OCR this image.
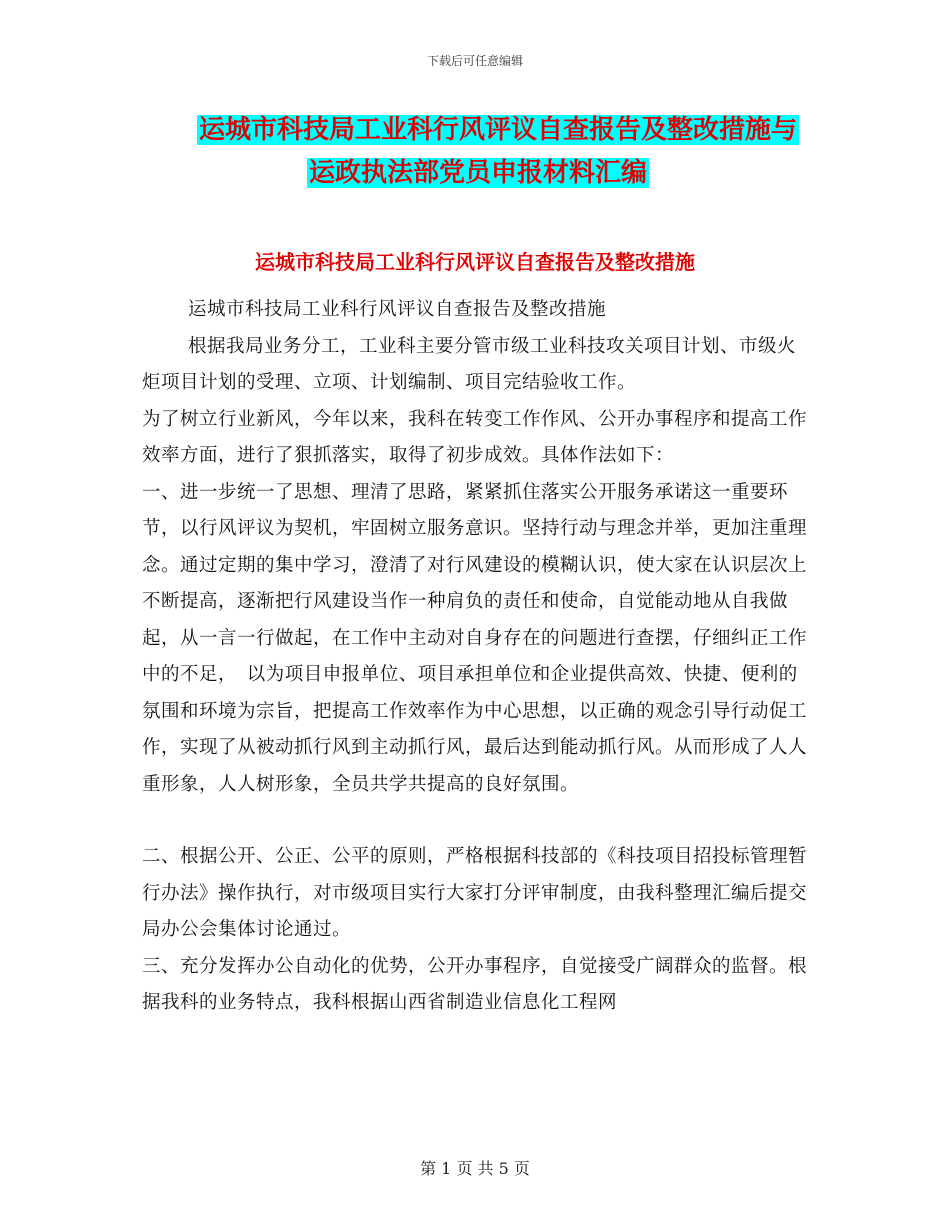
下载后可任意编辑
运城市科技局工业科行风评议自查报告及整改措施与
运政执法部党员申报材料汇编
运城市科技局工业科行风评议自查报告及整改措施

运城市科技局工业科行风评议自查报告及整改措施

根据我局业务分工，工业科主要分管市级工业科技攻关项目计划、市级火炬项目计划的受理、立项、计划编制、项目完结验收工作。

为了树立行业新风，今年以来，我科在转变工作作风、公开办事程序和提高工作效率方面，进行了狠抓落实，取得了初步成效。具体作法如下：

一、进一步统一了思想、理清了思路，紧紧抓住落实公开服务承诺这一重要环节，以行风评议为契机，牢固树立服务意识。坚持行动与理念并举，更加注重理念。通过定期的集中学习，澄清了对行风建设的模糊认识，使大家在认识层次上不断提高，逐渐把行风建设当作一种肩负的责任和使命，自觉能动地从自我做起，从一言一行做起，在工作中主动对自身存在的问题进行查摆，仔细纠正工作中的不足，　以为项目申报单位、项目承担单位和企业提供高效、快捷、便利的氛围和环境为宗旨，把提高工作效率作为中心思想，以正确的观念引导行动促工作，实现了从被动抓行风到主动抓行风，最后达到能动抓行风。从而形成了人人重形象，人人树形象，全员共学共提高的良好氛围。

二、根据公开、公正、公平的原则，严格根据科技部的《科技项目招投标管理暂行办法》操作执行，对市级项目实行大家打分评审制度，由我科整理汇编后提交局办公会集体讨论通过。

三、充分发挥办公自动化的优势，公开办事程序，自觉接受广阔群众的监督。根据我科的业务特点，我科根据山西省制造业信息化工程网

第 1 页 共 5 页
